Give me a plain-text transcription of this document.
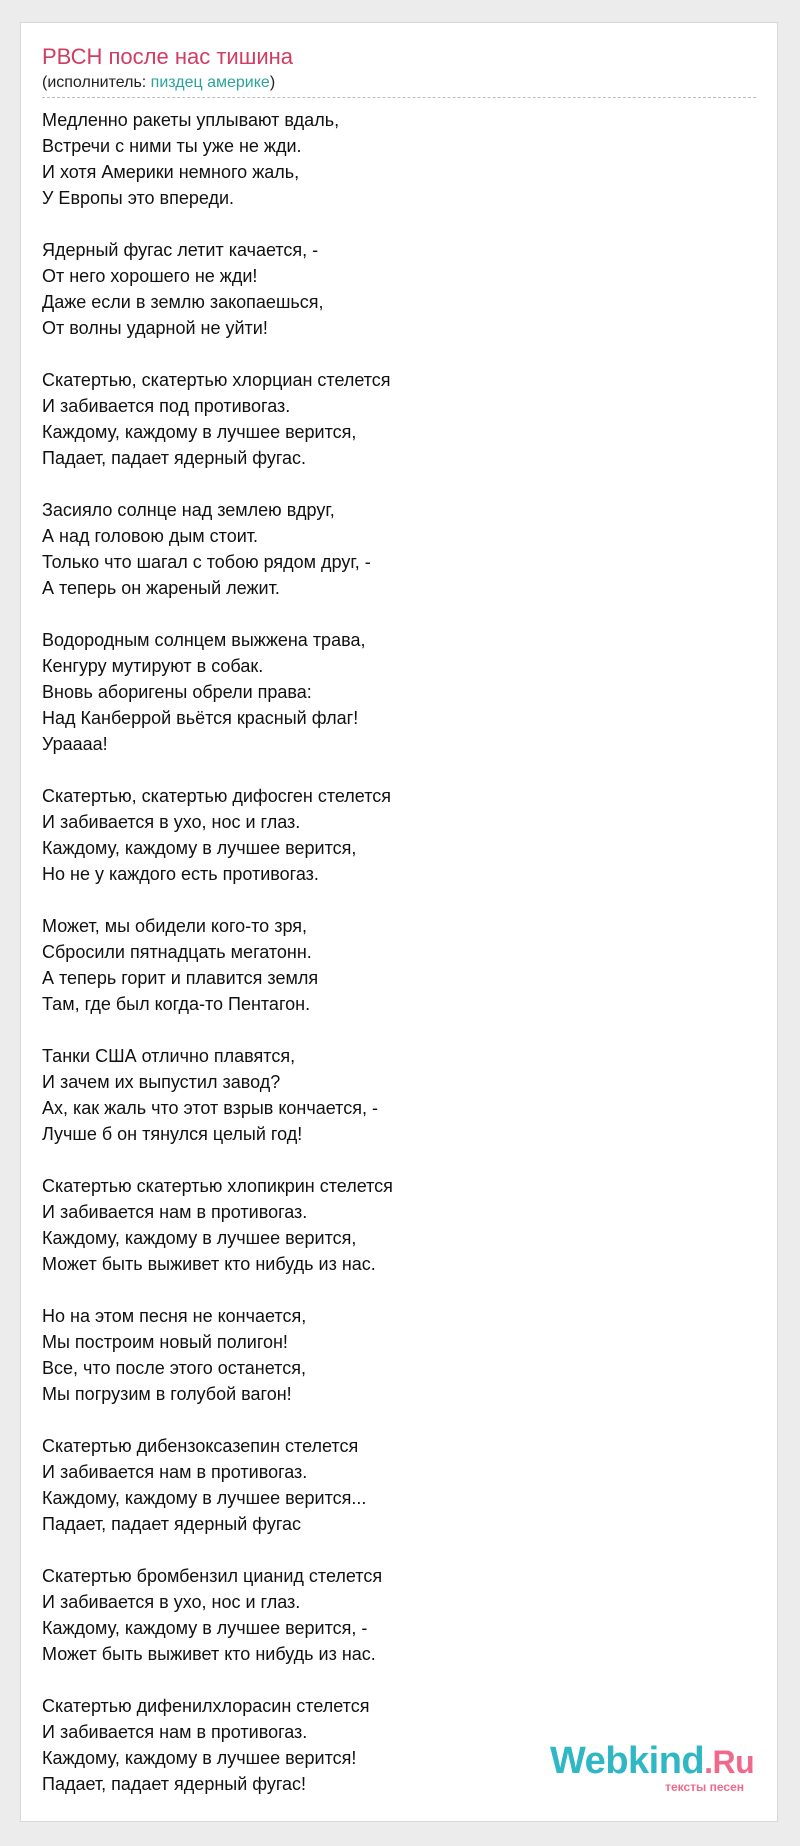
РВСН после нас тишина
(исполнитель: пиздец америке)
Медленно ракеты уплывают вдаль,
Встречи с ними ты уже не жди.
И хотя Америки немного жаль,
У Европы это впереди.
Ядерный фугас летит качается, -
От него хорошего не жди!
Даже если в землю закопаешься,
От волны ударной не уйти!
Скатертью, скатертью хлорциан стелется
И забивается под противогаз.
Каждому, каждому в лучшее верится,
Падает, падает ядерный фугас.
Засияло солнце над землею вдруг,
А над головою дым стоит.
Только что шагал с тобою рядом друг, -
А теперь он жареный лежит.
Водородным солнцем выжжена трава,
Кенгуру мутируют в собак.
Вновь аборигены обрели права:
Над Канберрой вьётся красный флаг!
Ураааа!
Скатертью, скатертью дифосген стелется
И забивается в ухо, нос и глаз.
Каждому, каждому в лучшее верится,
Но не у каждого есть противогаз.
Может, мы обидели кого-то зря,
Сбросили пятнадцать мегатонн.
А теперь горит и плавится земля
Там, где был когда-то Пентагон.
Танки США отлично плавятся,
И зачем их выпустил завод?
Ах, как жаль что этот взрыв кончается, -
Лучше б он тянулся целый год!
Скатертью скатертью хлопикрин стелется
И забивается нам в противогаз.
Каждому, каждому в лучшее верится,
Может быть выживет кто нибудь из нас.
Но на этом песня не кончается,
Мы построим новый полигон!
Все, что после этого останется,
Мы погрузим в голубой вагон!
Скатертью дибензоксазепин стелется
И забивается нам в противогаз.
Каждому, каждому в лучшее верится...
Падает, падает ядерный фугас
Скатертью бромбензил цианид стелется
И забивается в ухо, нос и глаз.
Каждому, каждому в лучшее верится, -
Может быть выживет кто нибудь из нас.
Скатертью дифенилхлорасин стелется
И забивается нам в противогаз.
Каждому, каждому в лучшее верится!
Падает, падает ядерный фугас!
Webkind.Ru
тексты песен
